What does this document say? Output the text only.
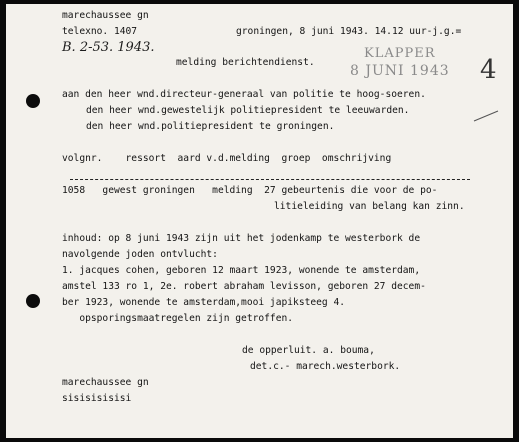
marechaussee gn
telexno. 1407	groningen, 8 juni 1943. 14.12 uur-j.g.=
B. 2-53. 1943.	KLAPPER
8 JUNI 1943 4
melding berichtendienst.
aan den heer wnd.directeur-generaal van politie te hoog-soeren.
den heer wnd.gewestelijk politiepresident te leeuwarden.
den heer wnd.politiepresident te groningen.
volgnr.    ressort  aard v.d.melding  groep  omschrijving
1058   gewest groningen   melding  27 gebeurtenis die voor de po-
litieleiding van belang kan zinn.
inhoud: op 8 juni 1943 zijn uit het jodenkamp te westerbork de
navolgende joden ontvlucht:
1. jacques cohen, geboren 12 maart 1923, wonende te amsterdam,
amstel 133 ro 1, 2e. robert abraham levisson, geboren 27 decem-
ber 1923, wonende te amsterdam,mooi japiksteeg 4.
opsporingsmaatregelen zijn getroffen.
de opperluit. a. bouma,
det.c.- marech.westerbork.
marechaussee gn
sisisisisisi
